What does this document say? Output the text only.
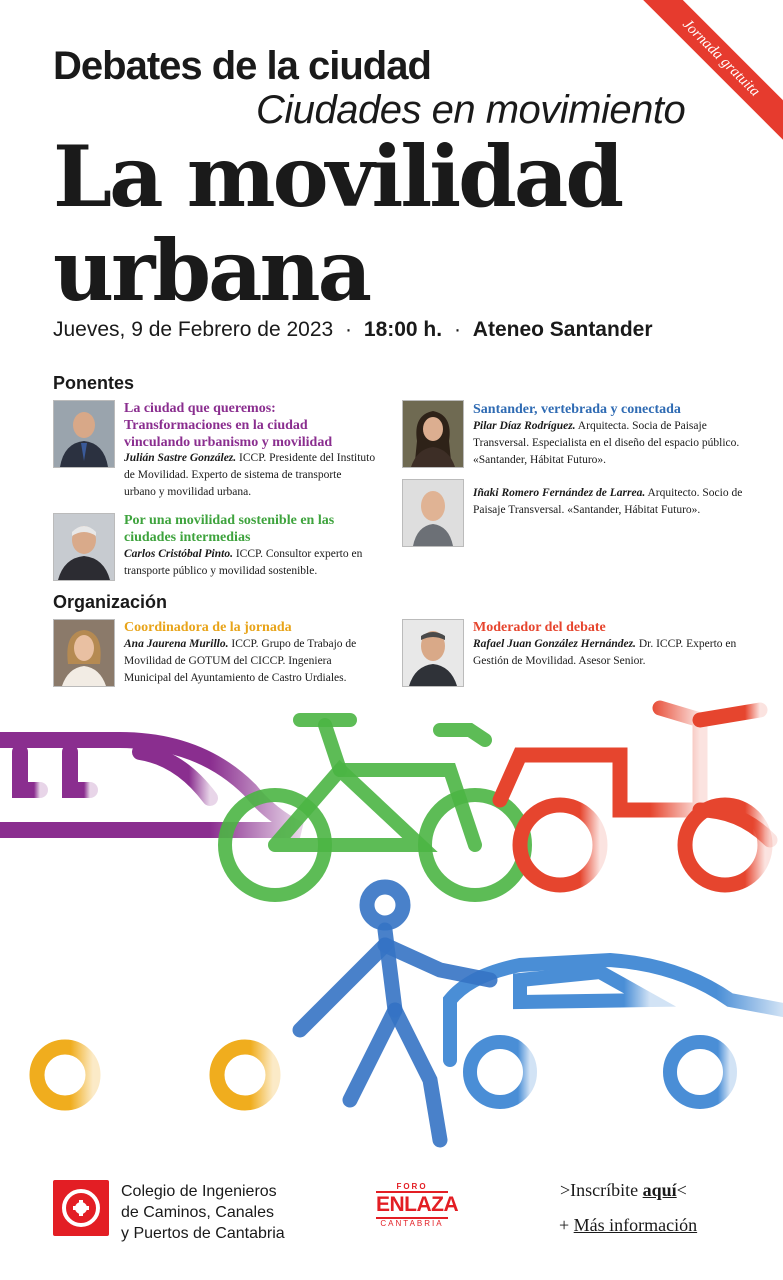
Jornada gratuita
Debates de la ciudad
Ciudades en movimiento
La movilidad
urbana
Jueves, 9 de Febrero de 2023 · 18:00 h. · Ateneo Santander
Ponentes
La ciudad que queremos: Transformaciones en la ciudad vinculando urbanismo y movilidad
Julián Sastre González. ICCP. Presidente del Instituto de Movilidad. Experto de sistema de transporte urbano y movilidad urbana.
Por una movilidad sostenible en las ciudades intermedias
Carlos Cristóbal Pinto. ICCP. Consultor experto en transporte público y movilidad sostenible.
Santander, vertebrada y conectada
Pilar Díaz Rodríguez. Arquitecta. Socia de Paisaje Transversal. Especialista en el diseño del espacio público. «Santander, Hábitat Futuro».
Iñaki Romero Fernández de Larrea. Arquitecto. Socio de Paisaje Transversal. «Santander, Hábitat Futuro».
Organización
Coordinadora de la jornada
Ana Jaurena Murillo. ICCP. Grupo de Trabajo de Movilidad de GOTUM del CICCP. Ingeniera Municipal del Ayuntamiento de Castro Urdiales.
Moderador del debate
Rafael Juan González Hernández. Dr. ICCP. Experto en Gestión de Movilidad. Asesor Senior.
Colegio de Ingenieros
de Caminos, Canales
y Puertos de Cantabria
FORO
ENLAZA
CANTABRIA
>Inscríbite aquí<
+ Más información
